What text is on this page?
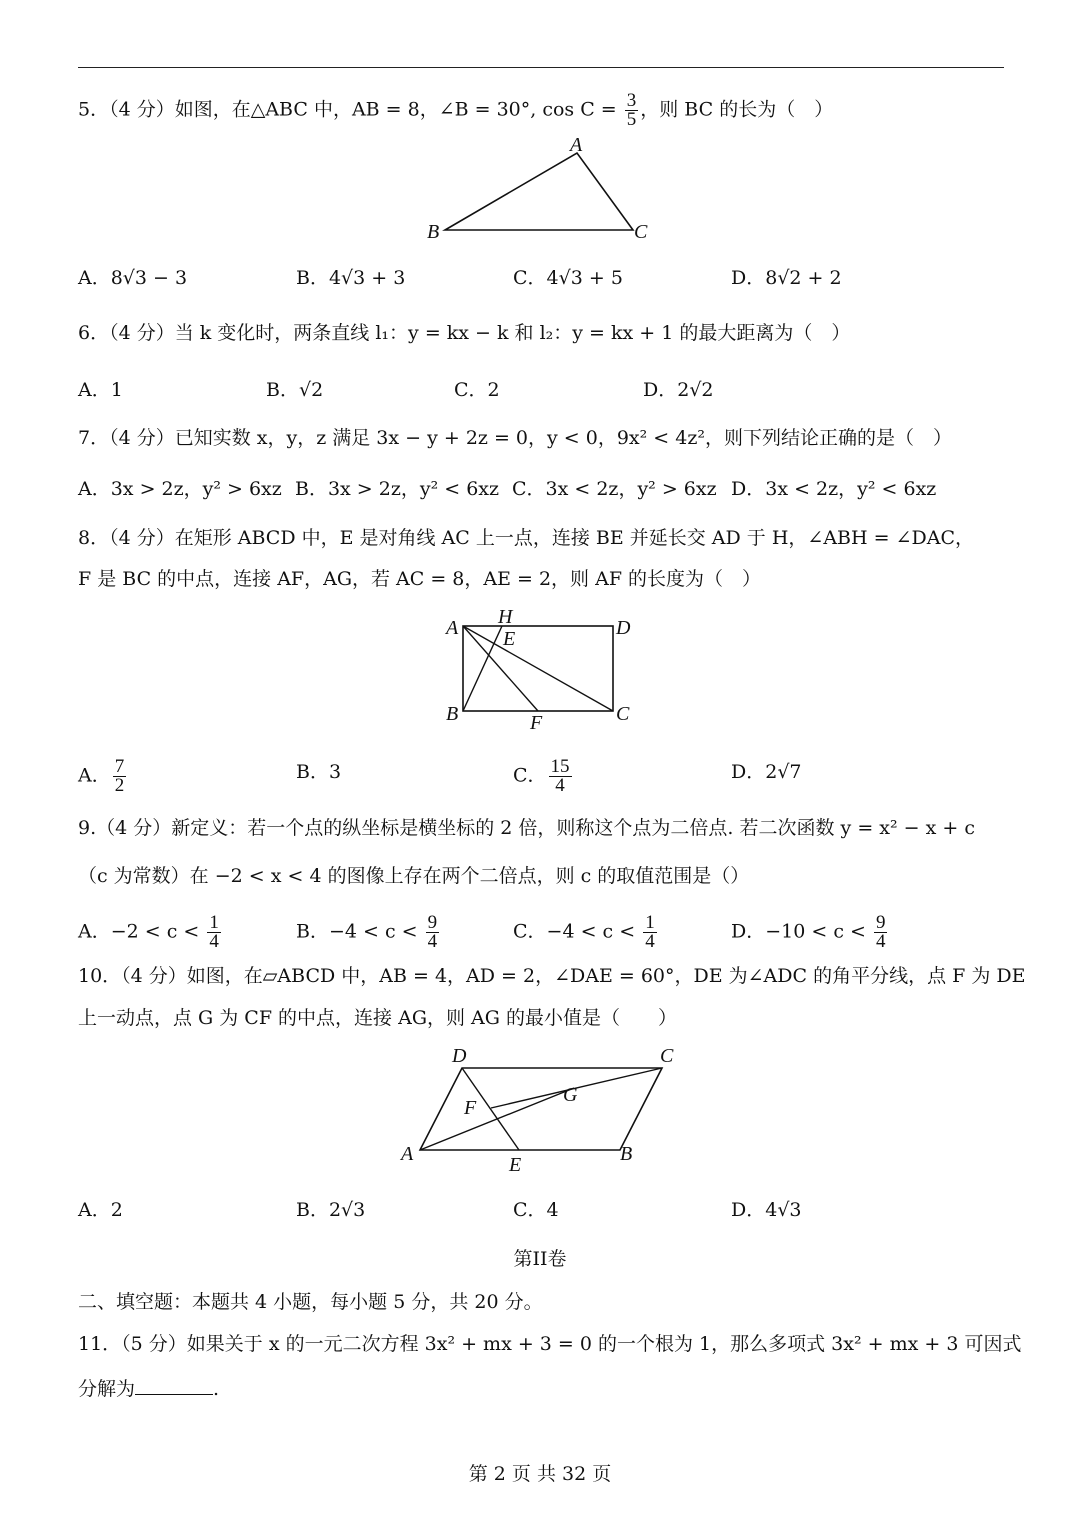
5．（4 分）如图，在△ABC 中，AB = 8，∠B = 30°, $\cos C = \frac{3}{5}$ ，则 BC 的长为（　）
A
B	C
A．8√3 − 3	B．4√3 + 3	C．4√3 + 5	D．8√2 + 2
6．（4 分）当 k 变化时，两条直线 l₁：y = kx − k 和 l₂：y = kx + 1 的最大距离为（　）
A．1	B．√2	C．2	D．2√2
7．（4 分）已知实数 x，y，z 满足 3x − y + 2z = 0，y < 0，9x² < 4z²，则下列结论正确的是（　）
A．3x > 2z，y² > 6xz B．3x > 2z，y² < 6xz C．3x < 2z，y² > 6xz D．3x < 2z，y² < 6xz
8．（4 分）在矩形 ABCD 中，E 是对角线 AC 上一点，连接 BE 并延长交 AD 于 H，∠ABH = ∠DAC，
F 是 BC 的中点，连接 AF，AG，若 AC = 8，AE = 2，则 AF 的长度为（　）
A H
E	D
B	F	C
A． $\frac{7}{2}$	B．3	C． $\frac{15}{4}$	D．2√7
9.（4 分）新定义：若一个点的纵坐标是横坐标的 2 倍，则称这个点为二倍点. 若二次函数 y = x² − x + c
（c 为常数）在 −2 < x < 4 的图像上存在两个二倍点，则 c 的取值范围是（）
A．$-2 < c < \frac{1}{4}$	B．$-4 < c < \frac{9}{4}$	C．$-4 < c < \frac{1}{4}$	D．$-10 < c < \frac{9}{4}$
10．（4 分）如图，在▱ABCD 中，AB = 4，AD = 2，∠DAE = 60°，DE 为∠ADC 的角平分线，点 F 为 DE
上一动点，点 G 为 CF 的中点，连接 AG，则 AG 的最小值是（　　）
D	C
G
F
A	E	B
A．2	B．2√3	C．4	D．4√3
第II卷
二、填空题：本题共 4 小题，每小题 5 分，共 20 分。
11．（5 分）如果关于 x 的一元二次方程 3x² + mx + 3 = 0 的一个根为 1，那么多项式 3x² + mx + 3 可因式
分解为	.
第 2 页 共 32 页
